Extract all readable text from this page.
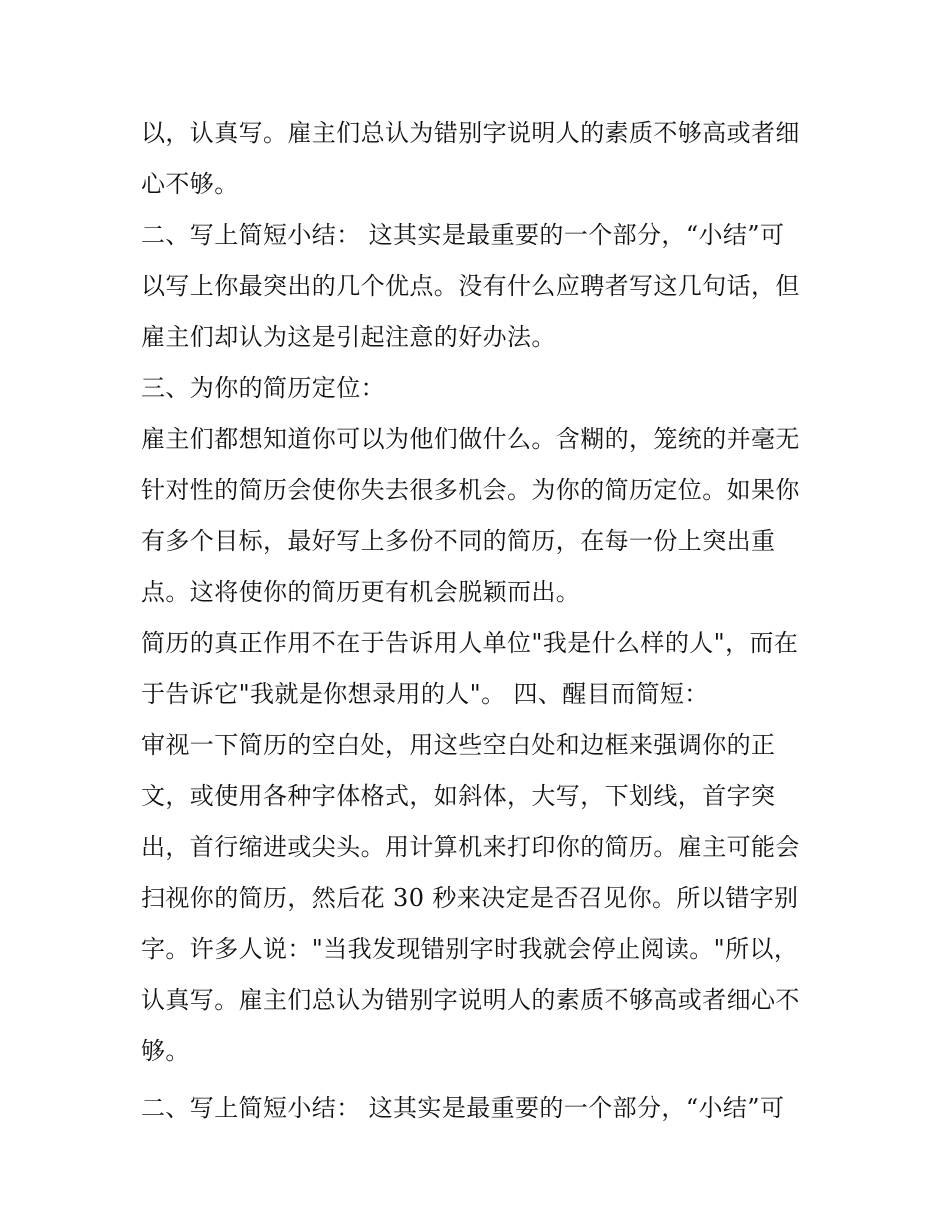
以，认真写。雇主们总认为错别字说明人的素质不够高或者细
心不够。
二、写上简短小结： 这其实是最重要的一个部分，“小结”可
以写上你最突出的几个优点。没有什么应聘者写这几句话，但
雇主们却认为这是引起注意的好办法。
三、为你的简历定位：
雇主们都想知道你可以为他们做什么。含糊的，笼统的并毫无
针对性的简历会使你失去很多机会。为你的简历定位。如果你
有多个目标，最好写上多份不同的简历，在每一份上突出重
点。这将使你的简历更有机会脱颖而出。
简历的真正作用不在于告诉用人单位"我是什么样的人"，而在
于告诉它"我就是你想录用的人"。 四、醒目而简短：
审视一下简历的空白处，用这些空白处和边框来强调你的正
文，或使用各种字体格式，如斜体，大写，下划线，首字突
出，首行缩进或尖头。用计算机来打印你的简历。雇主可能会
扫视你的简历，然后花 30 秒来决定是否召见你。所以错字别
字。许多人说："当我发现错别字时我就会停止阅读。"所以，
认真写。雇主们总认为错别字说明人的素质不够高或者细心不
够。
二、写上简短小结： 这其实是最重要的一个部分，“小结”可
